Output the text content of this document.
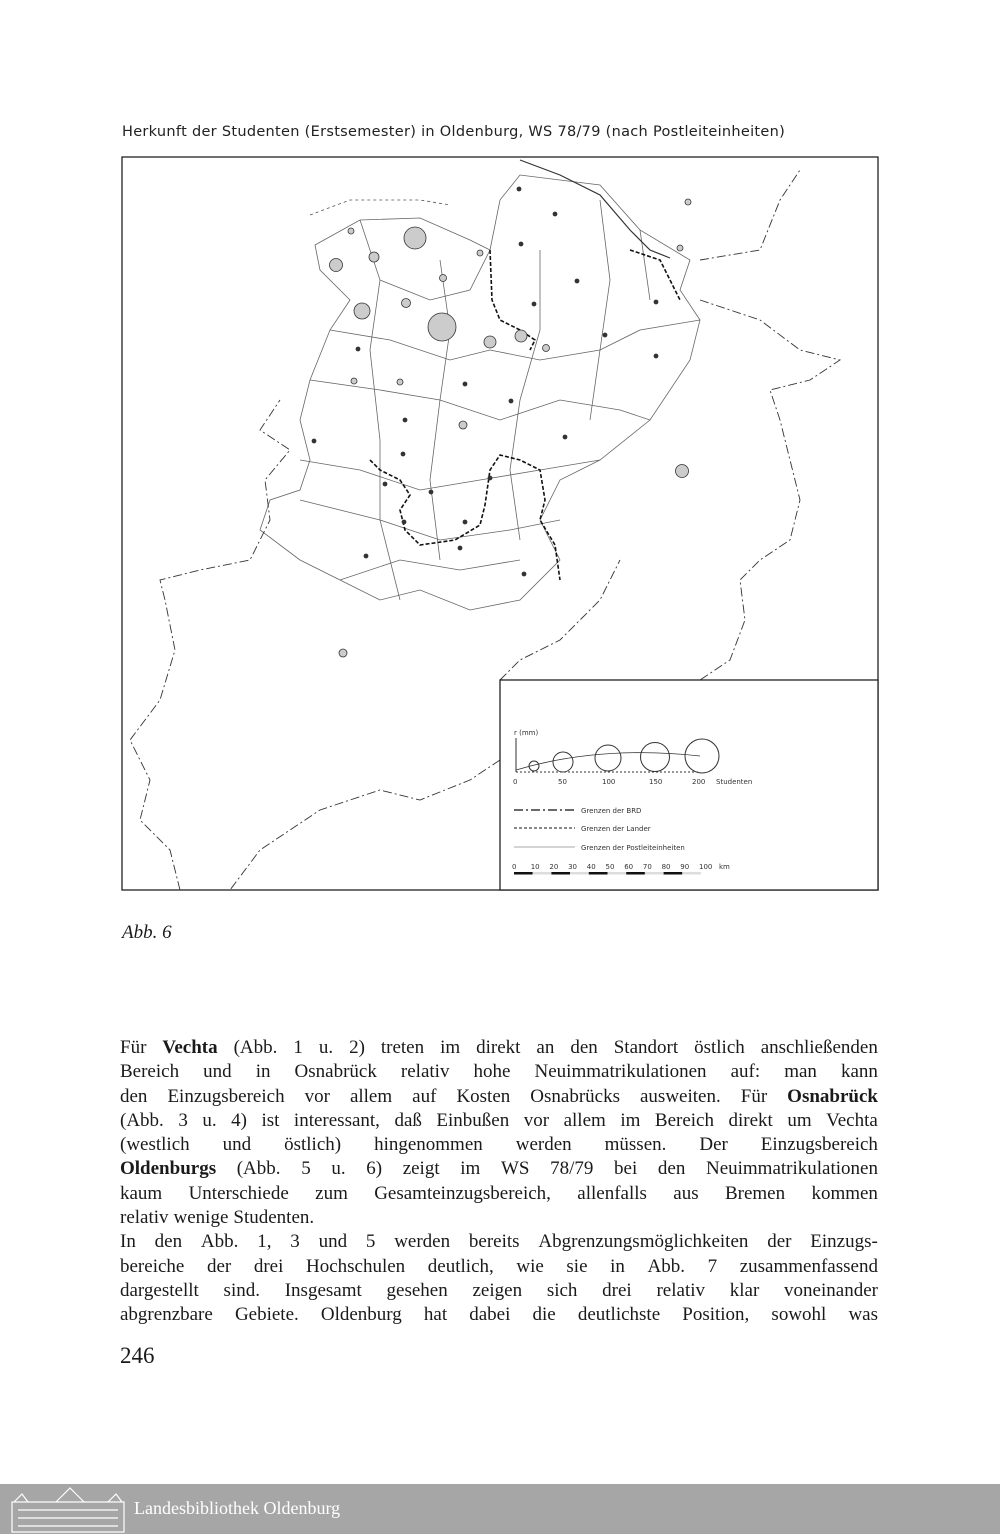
Herkunft der Studenten (Erstsemester) in Oldenburg, WS 78/79 (nach Postleiteinheiten)
r (mm)
0	50	100	150	200 Studenten
Grenzen der BRD
Grenzen der Lander
Grenzen der Postleiteinheiten
0 10 20 30 40 50 60 70 80 90 100 km
Abb. 6
Für Vechta (Abb. 1 u. 2) treten im direkt an den Standort östlich anschließenden
Bereich und in Osnabrück relativ hohe Neuimmatrikulationen auf: man kann
den Einzugsbereich vor allem auf Kosten Osnabrücks ausweiten. Für Osnabrück
(Abb. 3 u. 4) ist interessant, daß Einbußen vor allem im Bereich direkt um Vechta
(westlich und östlich) hingenommen werden müssen. Der Einzugsbereich
Oldenburgs (Abb. 5 u. 6) zeigt im WS 78/79 bei den Neuimmatrikulationen
kaum Unterschiede zum Gesamteinzugsbereich, allenfalls aus Bremen kommen
relativ wenige Studenten.
In den Abb. 1, 3 und 5 werden bereits Abgrenzungsmöglichkeiten der Einzugs-
bereiche der drei Hochschulen deutlich, wie sie in Abb. 7 zusammenfassend
dargestellt sind. Insgesamt gesehen zeigen sich drei relativ klar voneinander
abgrenzbare Gebiete. Oldenburg hat dabei die deutlichste Position, sowohl was
246
Landesbibliothek Oldenburg
